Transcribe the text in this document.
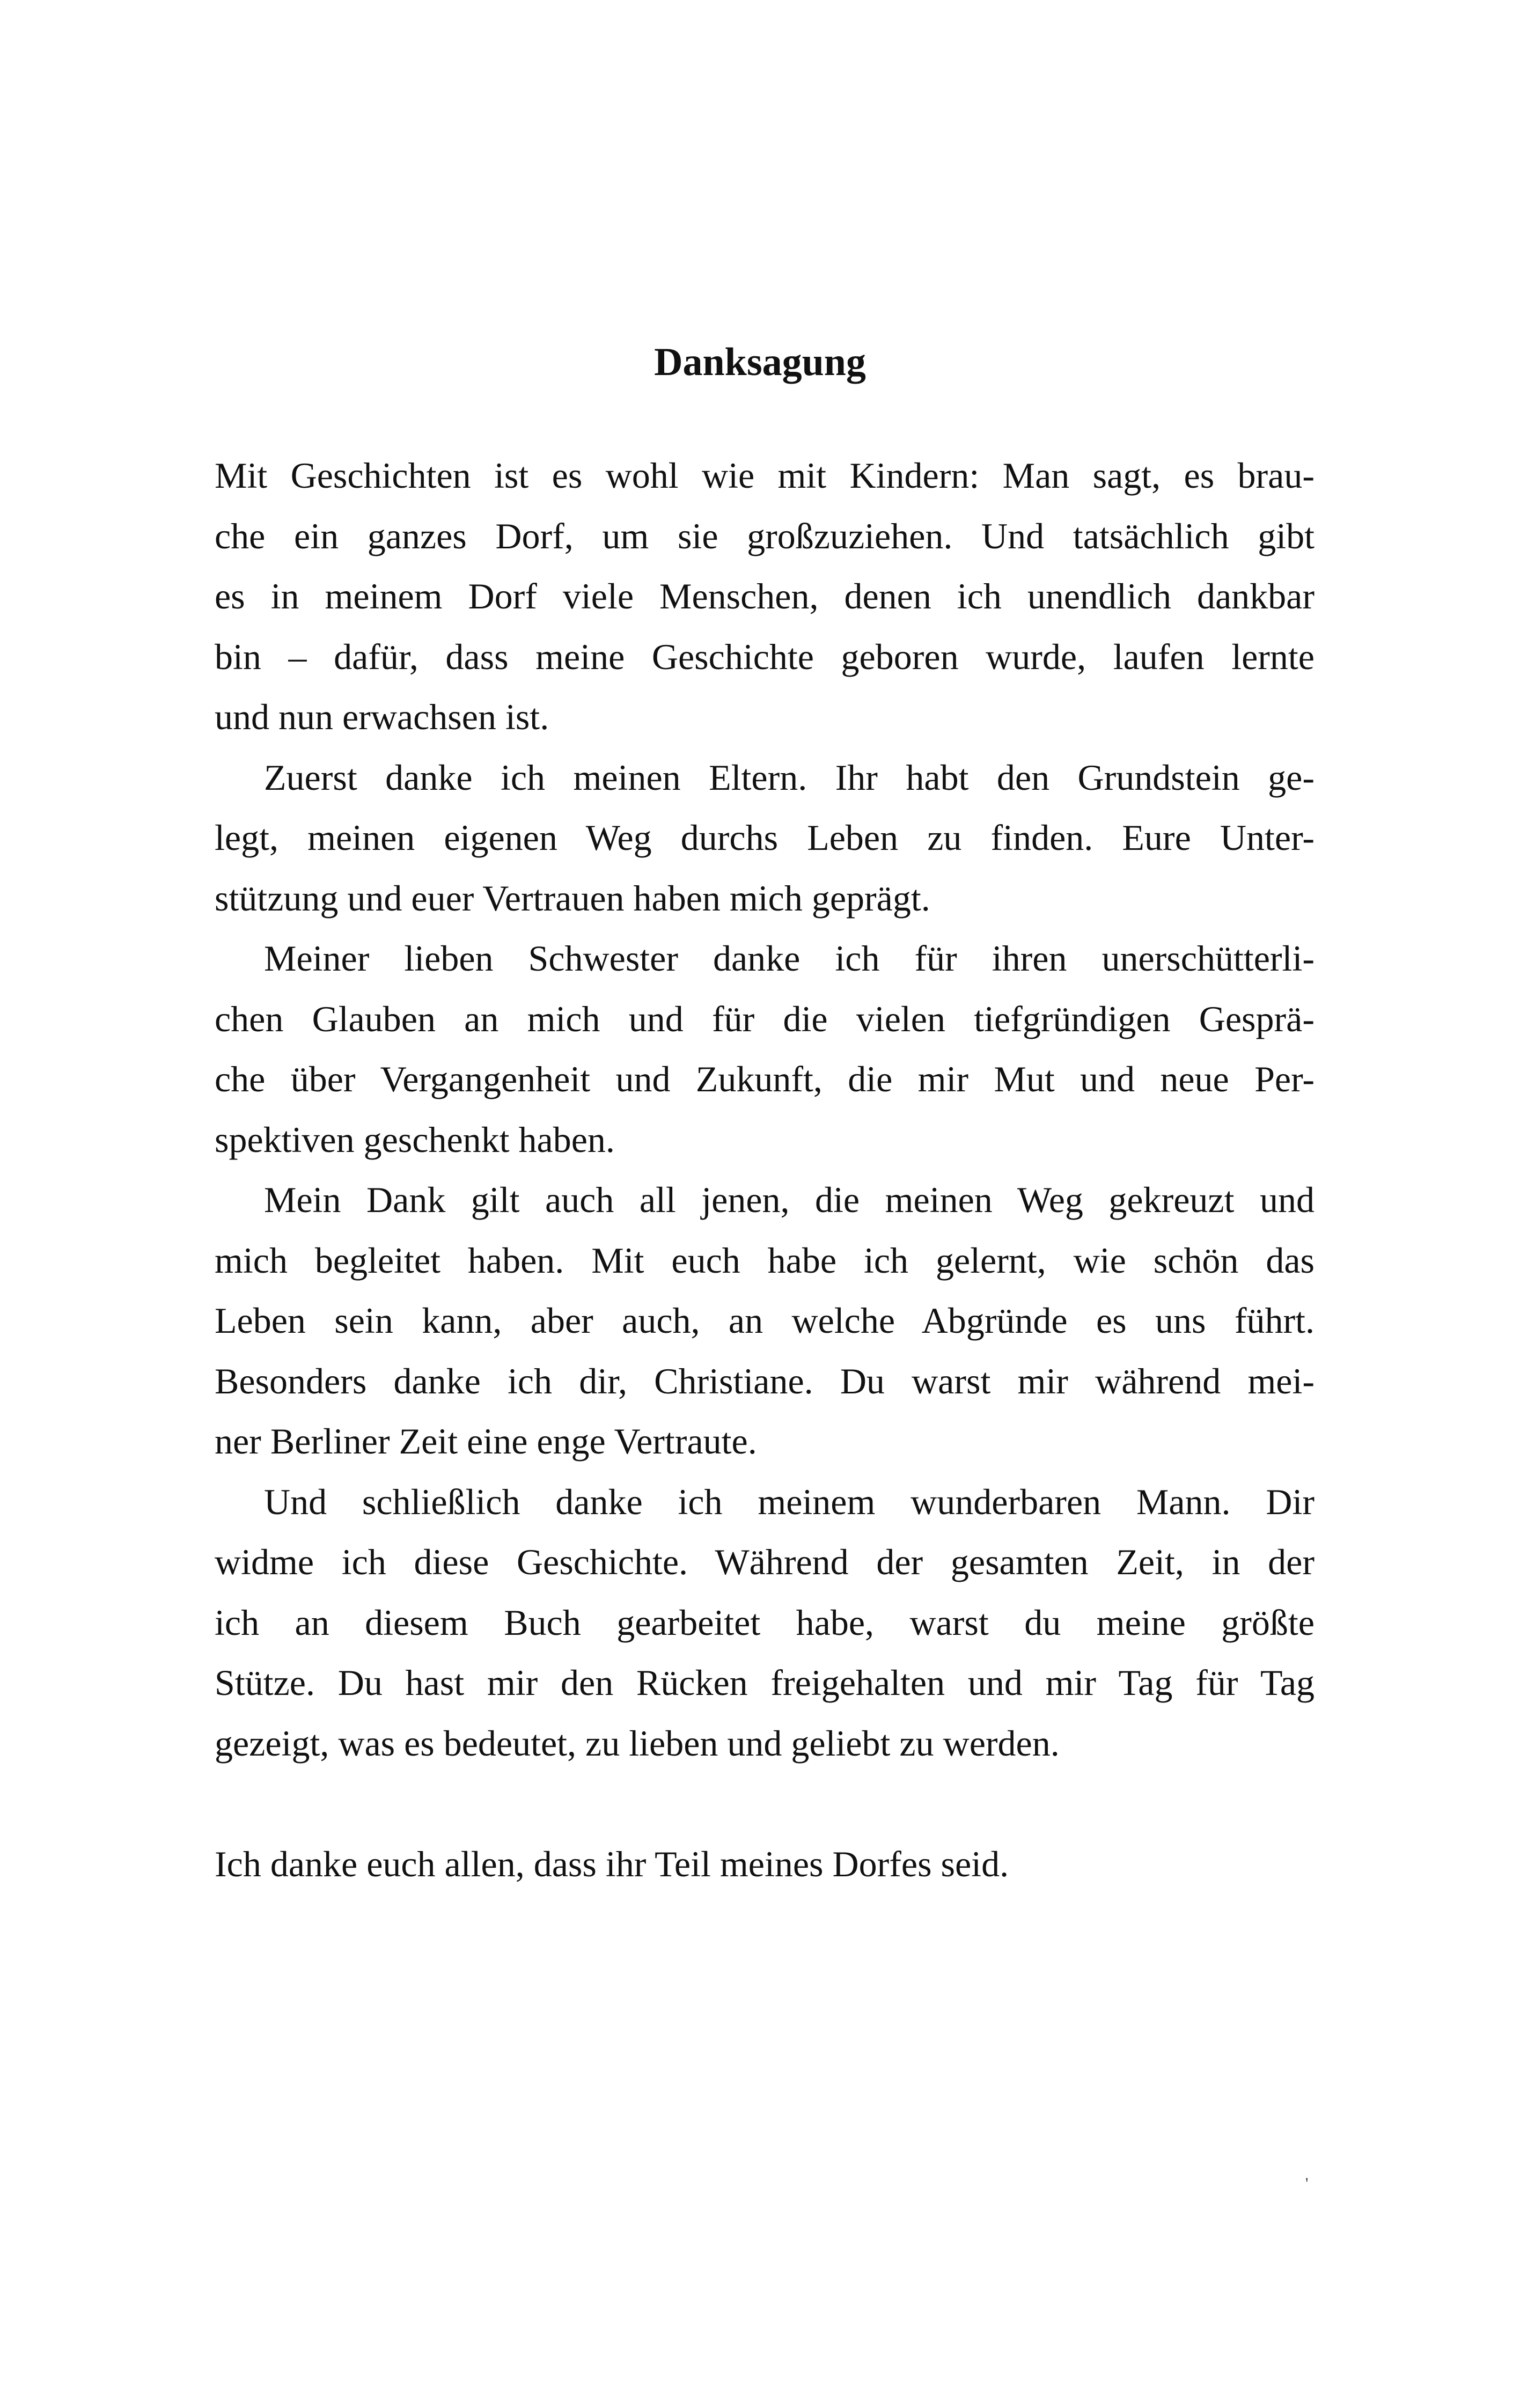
Danksagung
Mit Geschichten ist es wohl wie mit Kindern: Man sagt, es brau-
che ein ganzes Dorf, um sie großzuziehen. Und tatsächlich gibt
es in meinem Dorf viele Menschen, denen ich unendlich dankbar
bin – dafür, dass meine Geschichte geboren wurde, laufen lernte
und nun erwachsen ist.
Zuerst danke ich meinen Eltern. Ihr habt den Grundstein ge-
legt, meinen eigenen Weg durchs Leben zu finden. Eure Unter-
stützung und euer Vertrauen haben mich geprägt.
Meiner lieben Schwester danke ich für ihren unerschütterli-
chen Glauben an mich und für die vielen tiefgründigen Gesprä-
che über Vergangenheit und Zukunft, die mir Mut und neue Per-
spektiven geschenkt haben.
Mein Dank gilt auch all jenen, die meinen Weg gekreuzt und
mich begleitet haben. Mit euch habe ich gelernt, wie schön das
Leben sein kann, aber auch, an welche Abgründe es uns führt.
Besonders danke ich dir, Christiane. Du warst mir während mei-
ner Berliner Zeit eine enge Vertraute.
Und schließlich danke ich meinem wunderbaren Mann. Dir
widme ich diese Geschichte. Während der gesamten Zeit, in der
ich an diesem Buch gearbeitet habe, warst du meine größte
Stütze. Du hast mir den Rücken freigehalten und mir Tag für Tag
gezeigt, was es bedeutet, zu lieben und geliebt zu werden.
Ich danke euch allen, dass ihr Teil meines Dorfes seid.
'
